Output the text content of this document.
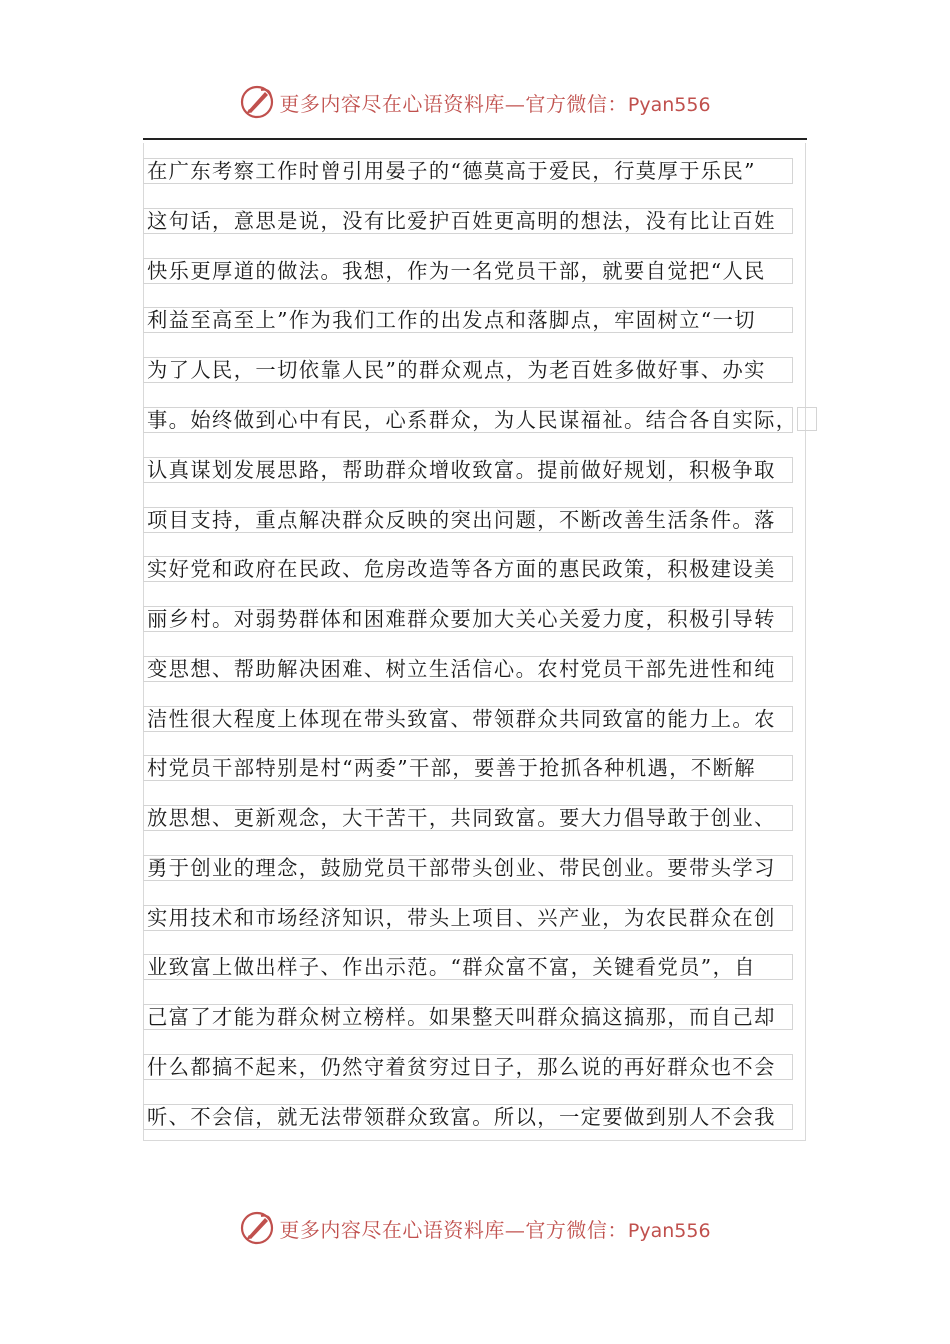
更多内容尽在心语资料库—官方微信：Pyan556
在广东考察工作时曾引用晏子的“德莫高于爱民，行莫厚于乐民”
这句话，意思是说，没有比爱护百姓更高明的想法，没有比让百姓
快乐更厚道的做法。我想，作为一名党员干部，就要自觉把“人民
利益至高至上”作为我们工作的出发点和落脚点，牢固树立“一切
为了人民，一切依靠人民”的群众观点，为老百姓多做好事、办实
事。始终做到心中有民，心系群众，为人民谋福祉。结合各自实际，
认真谋划发展思路，帮助群众增收致富。提前做好规划，积极争取
项目支持，重点解决群众反映的突出问题，不断改善生活条件。落
实好党和政府在民政、危房改造等各方面的惠民政策，积极建设美
丽乡村。对弱势群体和困难群众要加大关心关爱力度，积极引导转
变思想、帮助解决困难、树立生活信心。农村党员干部先进性和纯
洁性很大程度上体现在带头致富、带领群众共同致富的能力上。农
村党员干部特别是村“两委”干部，要善于抢抓各种机遇，不断解
放思想、更新观念，大干苦干，共同致富。要大力倡导敢于创业、
勇于创业的理念，鼓励党员干部带头创业、带民创业。要带头学习
实用技术和市场经济知识，带头上项目、兴产业，为农民群众在创
业致富上做出样子、作出示范。“群众富不富，关键看党员”，自
己富了才能为群众树立榜样。如果整天叫群众搞这搞那，而自己却
什么都搞不起来，仍然守着贫穷过日子，那么说的再好群众也不会
听、不会信，就无法带领群众致富。所以，一定要做到别人不会我
更多内容尽在心语资料库—官方微信：Pyan556
